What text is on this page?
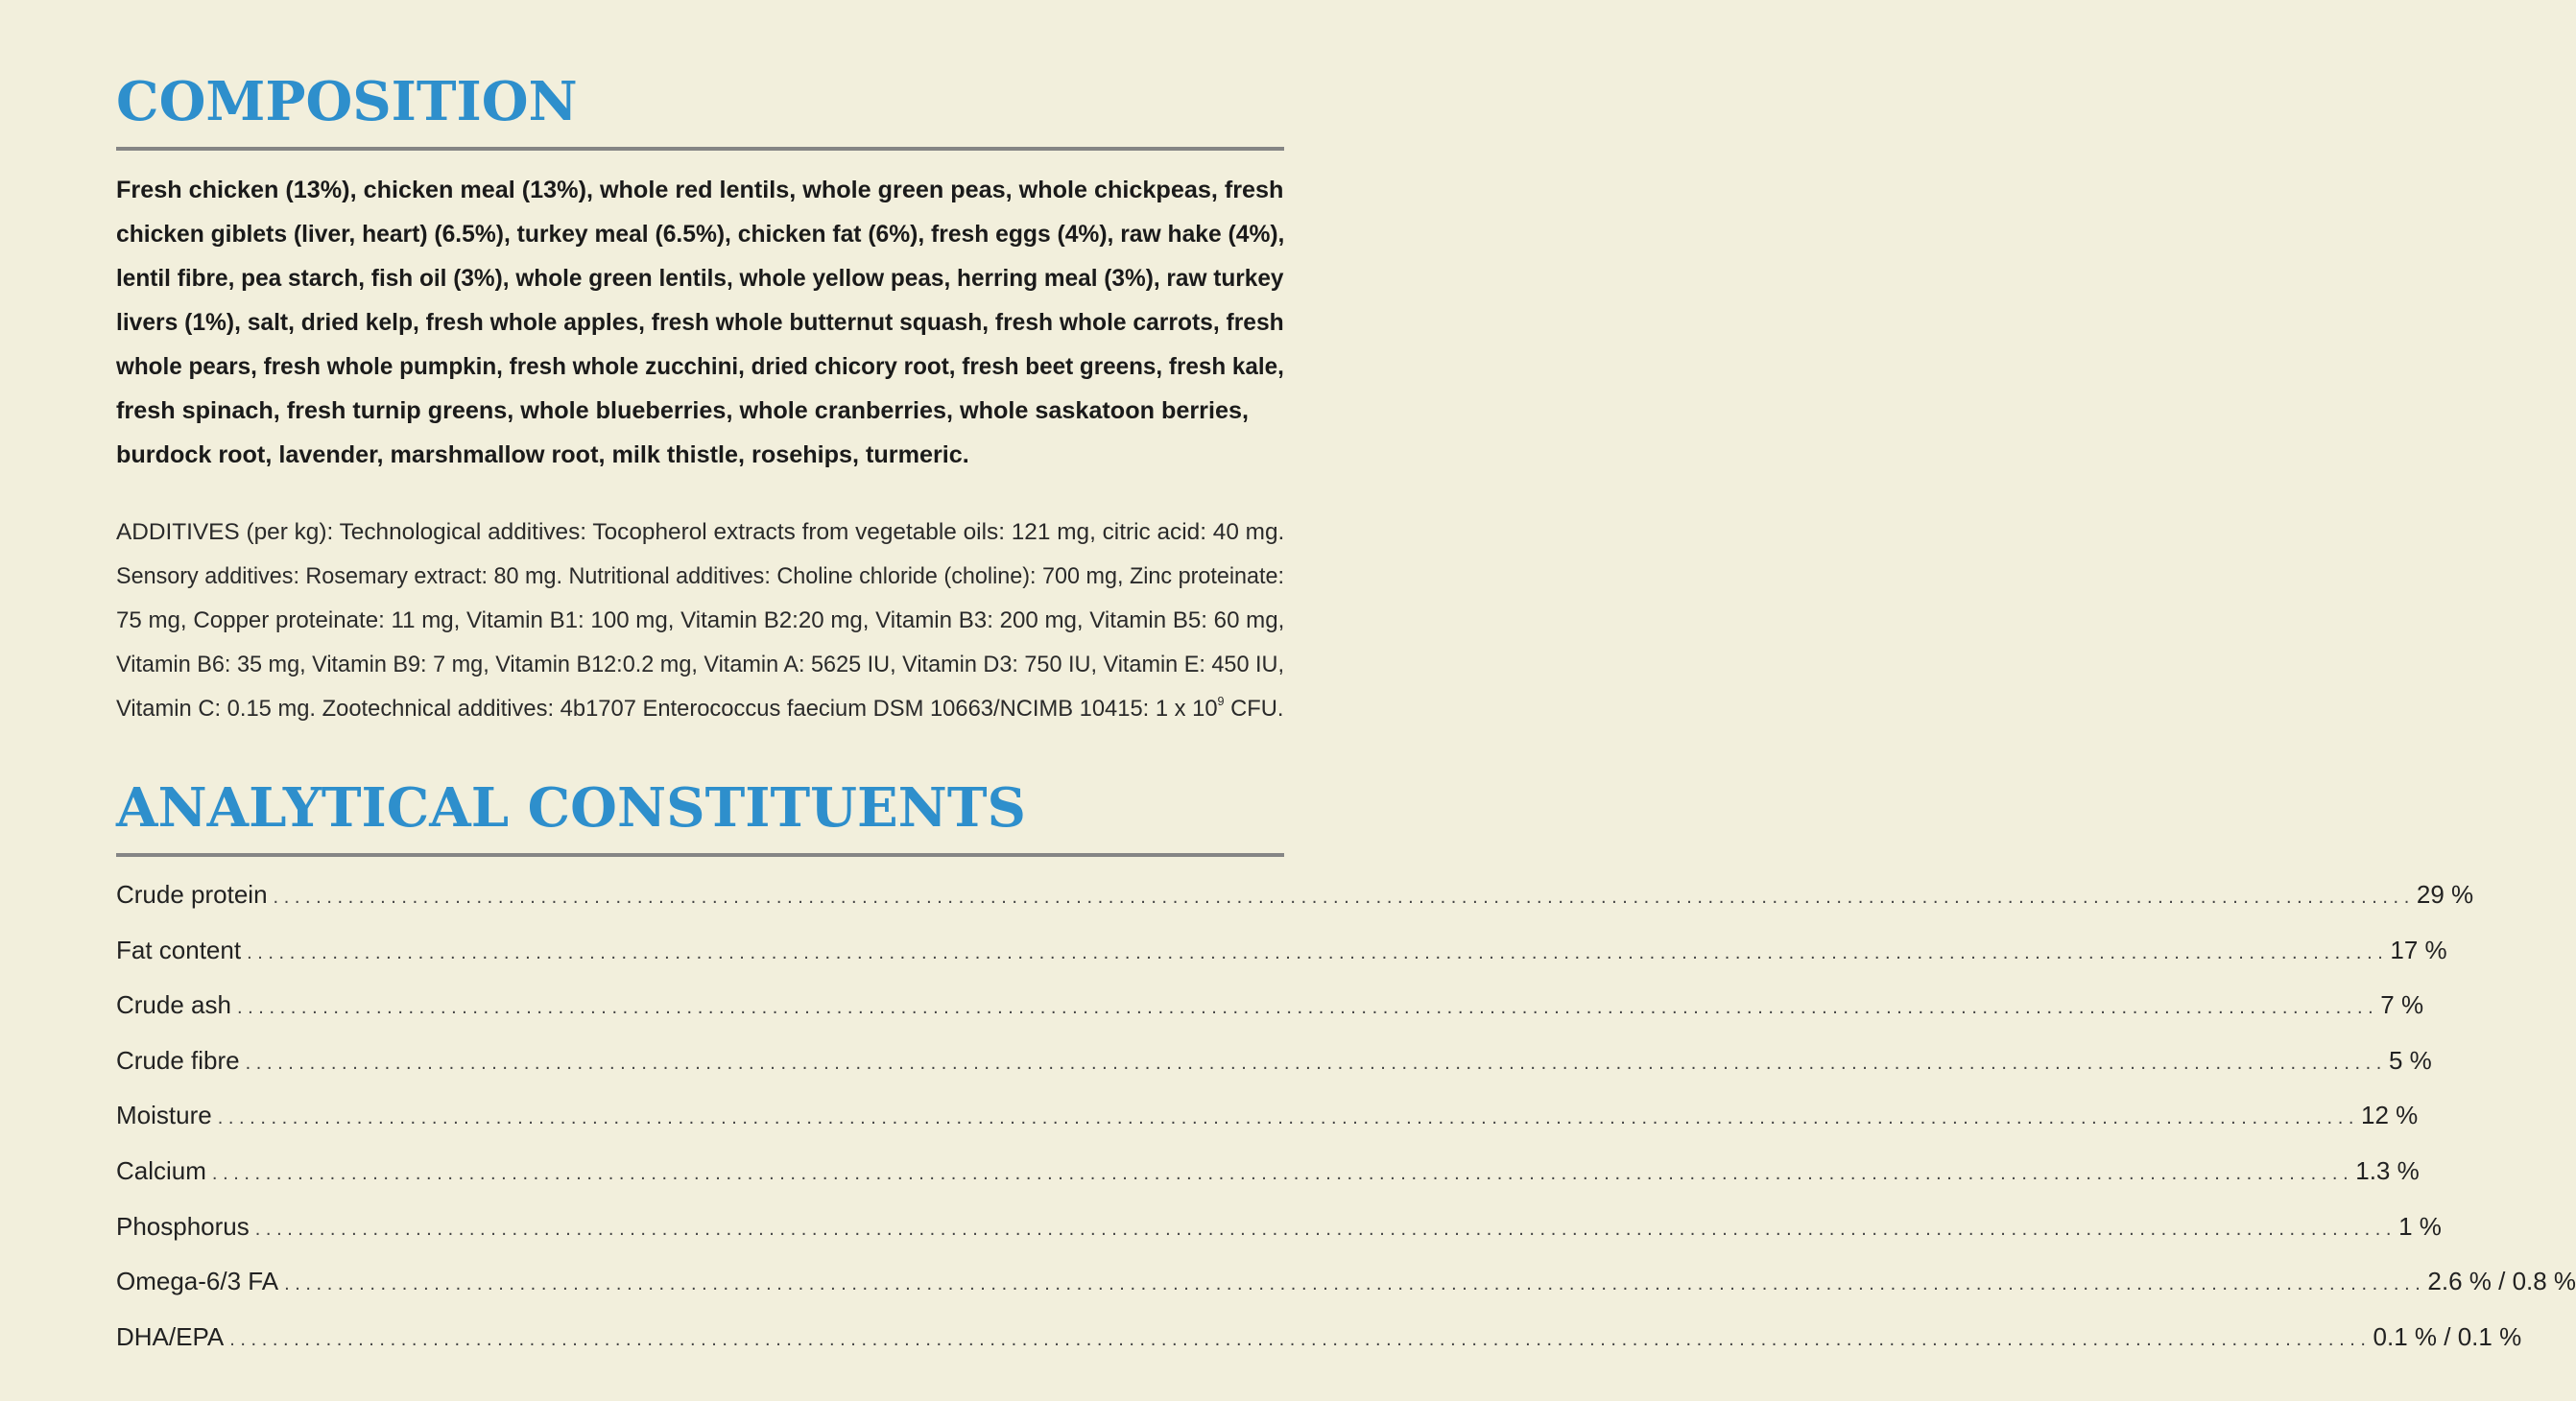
COMPOSITION
Fresh chicken (13%), chicken meal (13%), whole red lentils, whole green peas, whole chickpeas, fresh
chicken giblets (liver, heart) (6.5%), turkey meal (6.5%), chicken fat (6%), fresh eggs (4%), raw hake (4%),
lentil fibre, pea starch, fish oil (3%), whole green lentils, whole yellow peas, herring meal (3%), raw turkey
livers (1%), salt, dried kelp, fresh whole apples, fresh whole butternut squash, fresh whole carrots, fresh
whole pears, fresh whole pumpkin, fresh whole zucchini, dried chicory root, fresh beet greens, fresh kale,
fresh spinach, fresh turnip greens, whole blueberries, whole cranberries, whole saskatoon berries,
burdock root, lavender, marshmallow root, milk thistle, rosehips, turmeric.
ADDITIVES (per kg): Technological additives: Tocopherol extracts from vegetable oils: 121 mg, citric acid: 40 mg.
Sensory additives: Rosemary extract: 80 mg. Nutritional additives: Choline chloride (choline): 700 mg, Zinc proteinate:
75 mg, Copper proteinate: 11 mg, Vitamin B1: 100 mg, Vitamin B2:20 mg, Vitamin B3: 200 mg, Vitamin B5: 60 mg,
Vitamin B6: 35 mg, Vitamin B9: 7 mg, Vitamin B12:0.2 mg, Vitamin A: 5625 IU, Vitamin D3: 750 IU, Vitamin E: 450 IU,
Vitamin C: 0.15 mg. Zootechnical additives: 4b1707 Enterococcus faecium DSM 10663/NCIMB 10415: 1 x $10^9$ CFU.
ANALYTICAL CONSTITUENTS
Crude protein ........................................................................................................................................................................................................ 29 %
Fat content ........................................................................................................................................................................................................ 17 %
Crude ash ........................................................................................................................................................................................................ 7 %
Crude fibre ........................................................................................................................................................................................................ 5 %
Moisture ........................................................................................................................................................................................................ 12 %
Calcium ........................................................................................................................................................................................................ 1.3 %
Phosphorus ........................................................................................................................................................................................................ 1 %
Omega-6/3 FA ........................................................................................................................................................................................................ 2.6 % / 0.8 %
DHA/EPA ........................................................................................................................................................................................................ 0.1 % / 0.1 %
